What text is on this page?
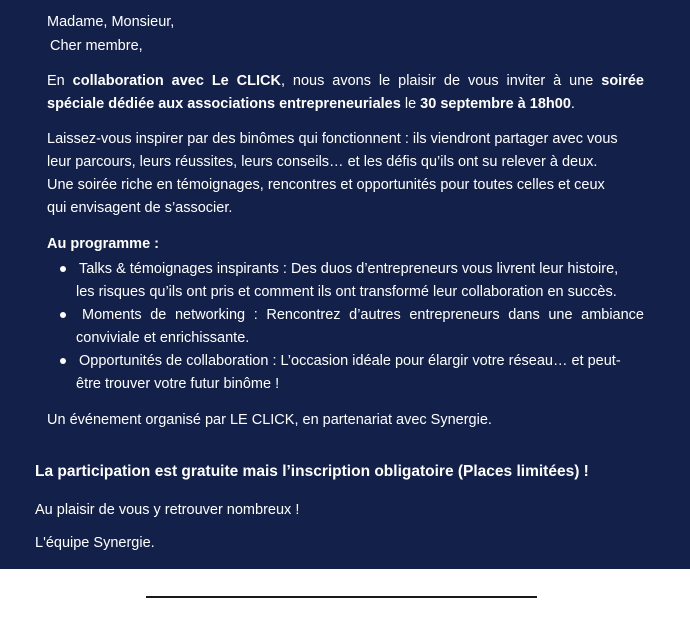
Madame, Monsieur,
Cher membre,
En collaboration avec Le CLICK, nous avons le plaisir de vous inviter à une soirée
spéciale dédiée aux associations entrepreneuriales le 30 septembre à 18h00.
Laissez-vous inspirer par des binômes qui fonctionnent : ils viendront partager avec vous
leur parcours, leurs réussites, leurs conseils… et les défis qu’ils ont su relever à deux.
Une soirée riche en témoignages, rencontres et opportunités pour toutes celles et ceux
qui envisagent de s’associer.
Au programme :
Talks & témoignages inspirants : Des duos d’entrepreneurs vous livrent leur histoire,
les risques qu’ils ont pris et comment ils ont transformé leur collaboration en succès.
Moments de networking : Rencontrez d’autres entrepreneurs dans une ambiance
conviviale et enrichissante.
Opportunités de collaboration : L’occasion idéale pour élargir votre réseau… et peut-
être trouver votre futur binôme !
Un événement organisé par LE CLICK, en partenariat avec Synergie.
La participation est gratuite mais l’inscription obligatoire (Places limitées) !
Au plaisir de vous y retrouver nombreux !
L'équipe Synergie.
